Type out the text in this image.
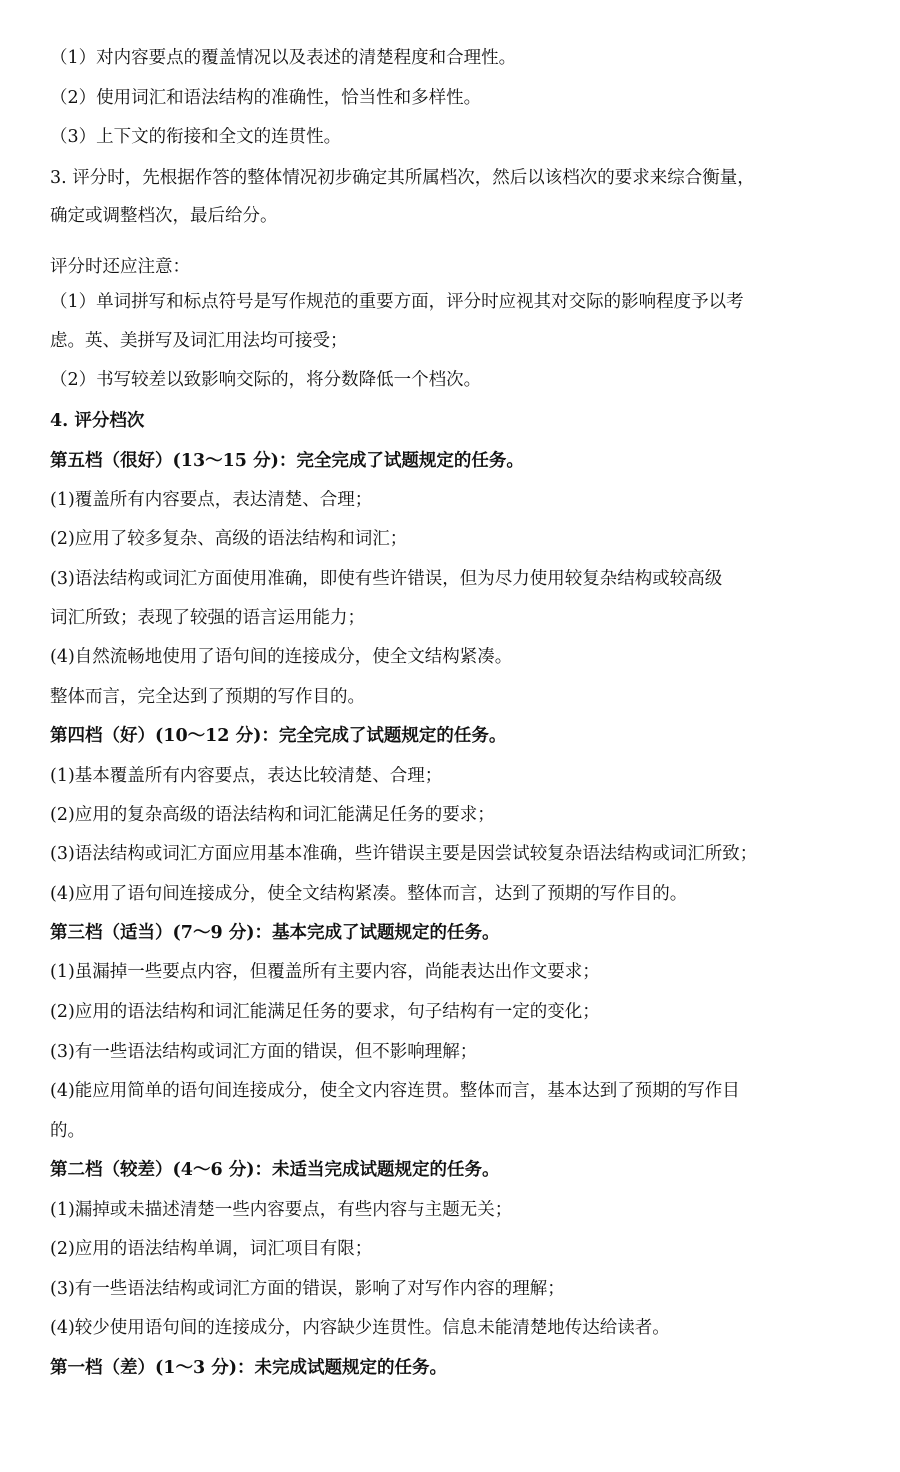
（1）对内容要点的覆盖情况以及表述的清楚程度和合理性。
（2）使用词汇和语法结构的准确性，恰当性和多样性。
（3）上下文的衔接和全文的连贯性。
3. 评分时，先根据作答的整体情况初步确定其所属档次，然后以该档次的要求来综合衡量，
确定或调整档次，最后给分。
评分时还应注意：
（1）单词拼写和标点符号是写作规范的重要方面，评分时应视其对交际的影响程度予以考
虑。英、美拼写及词汇用法均可接受；
（2）书写较差以致影响交际的，将分数降低一个档次。
4. 评分档次
第五档（很好）(13～15 分)：完全完成了试题规定的任务。
(1)覆盖所有内容要点，表达清楚、合理；
(2)应用了较多复杂、高级的语法结构和词汇；
(3)语法结构或词汇方面使用准确，即使有些许错误，但为尽力使用较复杂结构或较高级
词汇所致；表现了较强的语言运用能力；
(4)自然流畅地使用了语句间的连接成分，使全文结构紧凑。
整体而言，完全达到了预期的写作目的。
第四档（好）(10～12 分)：完全完成了试题规定的任务。
(1)基本覆盖所有内容要点，表达比较清楚、合理；
(2)应用的复杂高级的语法结构和词汇能满足任务的要求；
(3)语法结构或词汇方面应用基本准确，些许错误主要是因尝试较复杂语法结构或词汇所致；
(4)应用了语句间连接成分，使全文结构紧凑。整体而言，达到了预期的写作目的。
第三档（适当）(7～9 分)：基本完成了试题规定的任务。
(1)虽漏掉一些要点内容，但覆盖所有主要内容，尚能表达出作文要求；
(2)应用的语法结构和词汇能满足任务的要求，句子结构有一定的变化；
(3)有一些语法结构或词汇方面的错误，但不影响理解；
(4)能应用简单的语句间连接成分，使全文内容连贯。整体而言，基本达到了预期的写作目
的。
第二档（较差）(4～6 分)：未适当完成试题规定的任务。
(1)漏掉或未描述清楚一些内容要点，有些内容与主题无关；
(2)应用的语法结构单调，词汇项目有限；
(3)有一些语法结构或词汇方面的错误，影响了对写作内容的理解；
(4)较少使用语句间的连接成分，内容缺少连贯性。信息未能清楚地传达给读者。
第一档（差）(1～3 分)：未完成试题规定的任务。
